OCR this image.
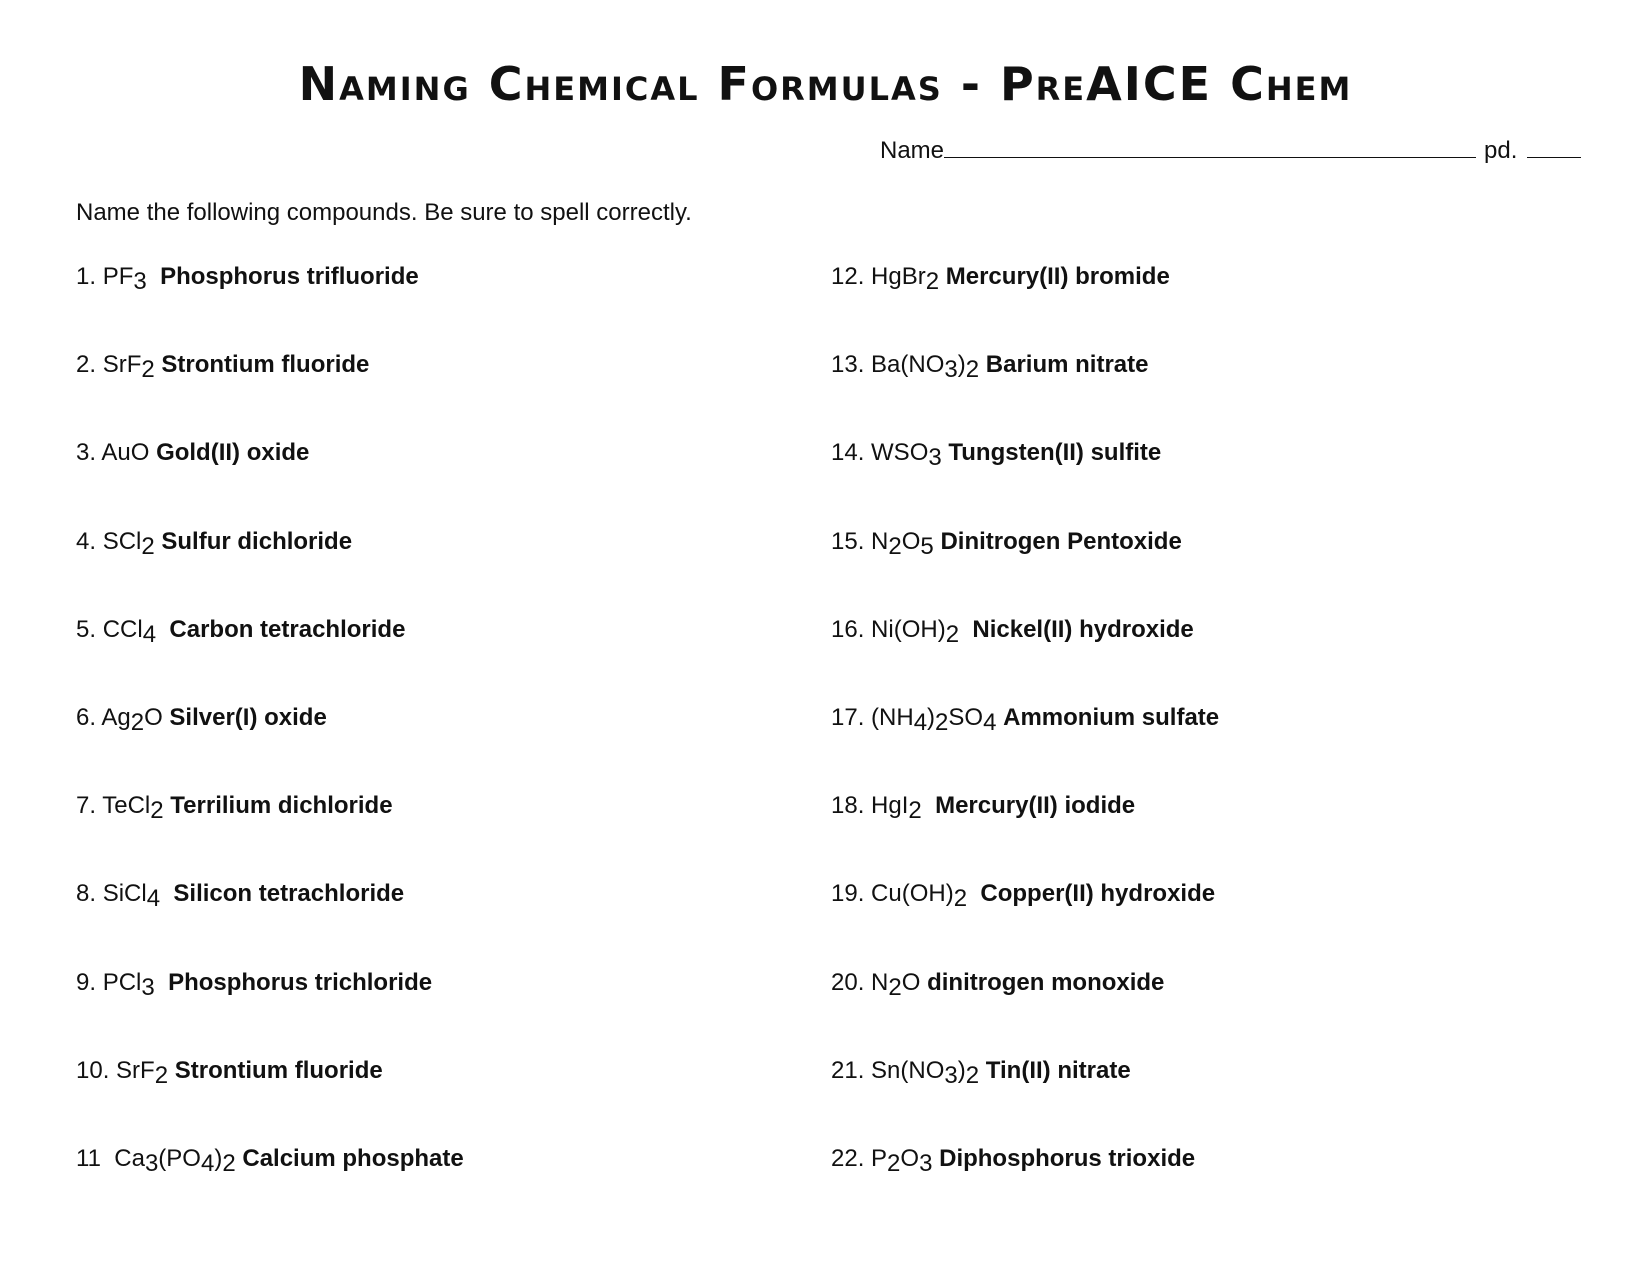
Naming Chemical Formulas - PreAICE Chem
Name	pd.
Name the following compounds. Be sure to spell correctly.
1. PF3 Phosphorus trifluoride
2. SrF2 Strontium fluoride
3. AuO Gold(II) oxide
4. SCl2 Sulfur dichloride
5. CCl4 Carbon tetrachloride
6. Ag2O Silver(I) oxide
7. TeCl2 Terrilium dichloride
8. SiCl4 Silicon tetrachloride
9. PCl3 Phosphorus trichloride
10. SrF2 Strontium fluoride
11  Ca3(PO4)2 Calcium phosphate
12. HgBr2 Mercury(II) bromide
13. Ba(NO3)2 Barium nitrate
14. WSO3 Tungsten(II) sulfite
15. N2O5 Dinitrogen Pentoxide
16. Ni(OH)2 Nickel(II) hydroxide
17. (NH4)2SO4 Ammonium sulfate
18. HgI2 Mercury(II) iodide
19. Cu(OH)2 Copper(II) hydroxide
20. N2O dinitrogen monoxide
21. Sn(NO3)2 Tin(II) nitrate
22. P2O3 Diphosphorus trioxide
